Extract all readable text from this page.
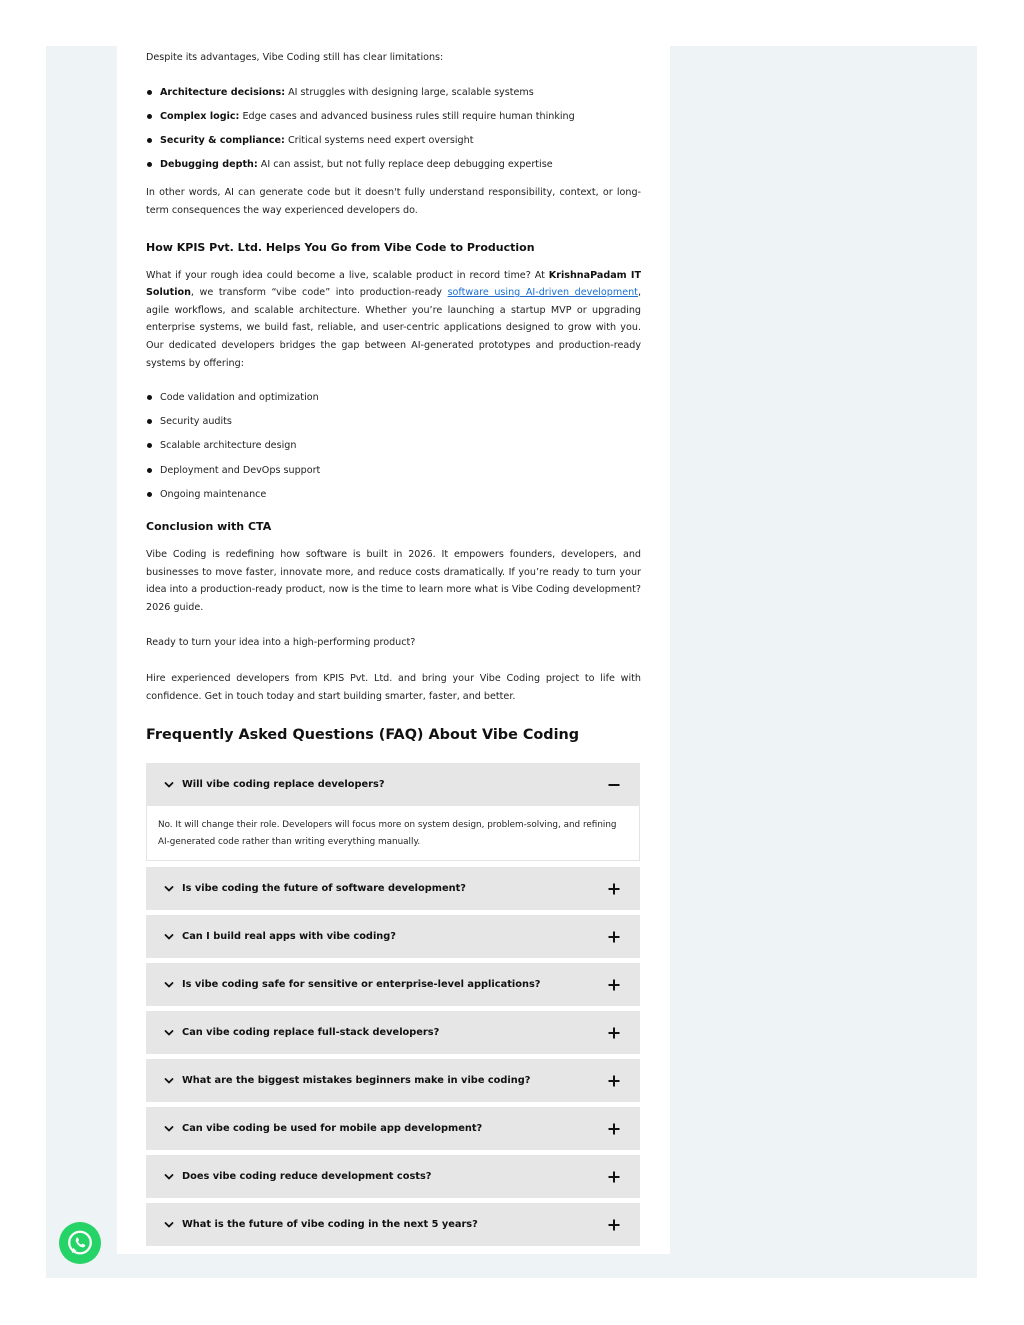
Despite its advantages, Vibe Coding still has clear limitations:

Architecture decisions: AI struggles with designing large, scalable systems
Complex logic: Edge cases and advanced business rules still require human thinking
Security & compliance: Critical systems need expert oversight
Debugging depth: AI can assist, but not fully replace deep debugging expertise

In other words, AI can generate code but it doesn't fully understand responsibility, context, or long-term consequences the way experienced developers do.

How KPIS Pvt. Ltd. Helps You Go from Vibe Code to Production

What if your rough idea could become a live, scalable product in record time? At KrishnaPadam IT Solution, we transform “vibe code” into production-ready software using AI-driven development, agile workflows, and scalable architecture. Whether you’re launching a startup MVP or upgrading enterprise systems, we build fast, reliable, and user-centric applications designed to grow with you. Our dedicated developers bridges the gap between AI-generated prototypes and production-ready systems by offering:

Code validation and optimization
Security audits
Scalable architecture design
Deployment and DevOps support
Ongoing maintenance
Conclusion with CTA

Vibe Coding is redefining how software is built in 2026. It empowers founders, developers, and businesses to move faster, innovate more, and reduce costs dramatically. If you’re ready to turn your idea into a production-ready product, now is the time to learn more what is Vibe Coding development? 2026 guide.

Ready to turn your idea into a high-performing product?

Hire experienced developers from KPIS Pvt. Ltd. and bring your Vibe Coding project to life with confidence. Get in touch today and start building smarter, faster, and better.

Frequently Asked Questions (FAQ) About Vibe Coding
Will vibe coding replace developers?
No. It will change their role. Developers will focus more on system design, problem-solving, and refining AI-generated code rather than writing everything manually.
Is vibe coding the future of software development?
Can I build real apps with vibe coding?
Is vibe coding safe for sensitive or enterprise-level applications?
Can vibe coding replace full-stack developers?
What are the biggest mistakes beginners make in vibe coding?
Can vibe coding be used for mobile app development?
Does vibe coding reduce development costs?
What is the future of vibe coding in the next 5 years?
